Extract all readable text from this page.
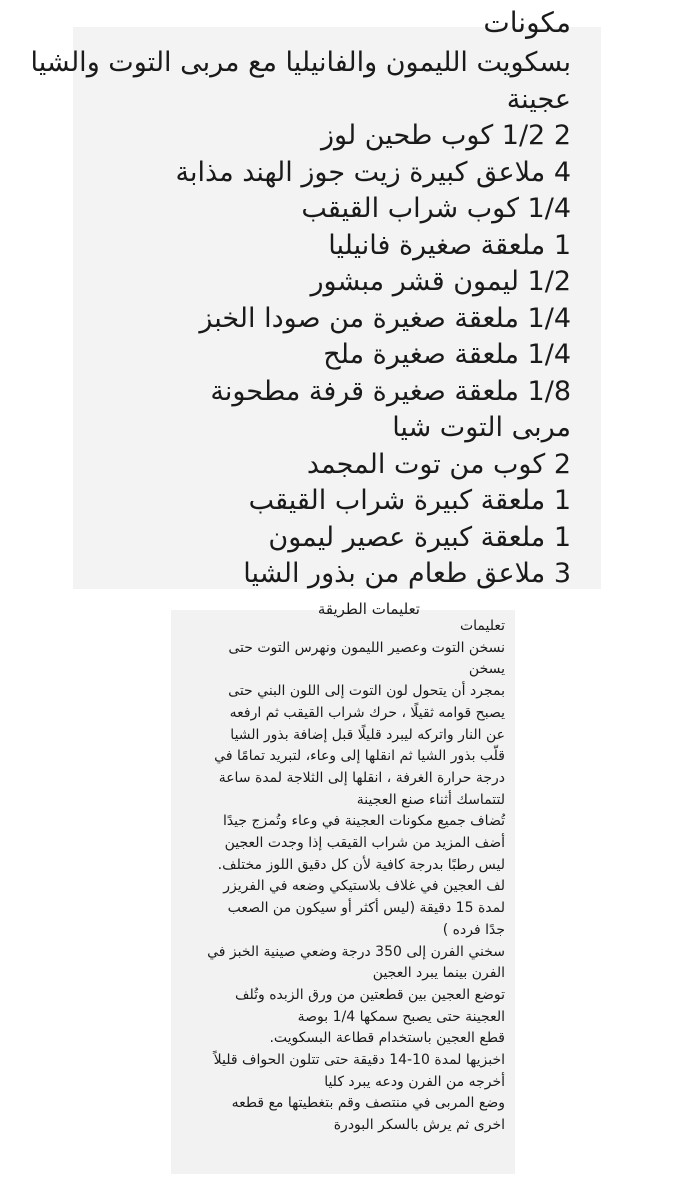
مكونات
بسكويت الليمون والفانيليا مع مربى التوت والشيا
عجينة
2 1/2 كوب طحين لوز
4 ملاعق كبيرة زيت جوز الهند مذابة
1/4 كوب شراب القيقب
1 ملعقة صغيرة فانيليا
1/2 ليمون قشر مبشور
1/4 ملعقة صغيرة من صودا الخبز
1/4 ملعقة صغيرة ملح
1/8 ملعقة صغيرة قرفة مطحونة
مربى التوت شيا
2 كوب من توت المجمد
1 ملعقة كبيرة شراب القيقب
1 ملعقة كبيرة عصير ليمون
3 ملاعق طعام من بذور الشيا
تعليمات الطريقة
تعليمات
نسخن التوت وعصير الليمون ونهرس التوت حتى
يسخن
بمجرد أن يتحول لون التوت إلى اللون البني حتى
يصبح قوامه ثقيلًا ، حرك شراب القيقب ثم ارفعه
عن النار واتركه ليبرد قليلًا قبل إضافة بذور الشيا
قلّب بذور الشيا ثم انقلها إلى وعاء، لتبريد تمامًا في
درجة حرارة الغرفة ، انقلها إلى الثلاجة لمدة ساعة
لتتماسك أثناء صنع العجينة
تُضاف جميع مكونات العجينة في وعاء وتُمزج جيدًا
أضف المزيد من شراب القيقب إذا وجدت العجين
ليس رطبًا بدرجة كافية لأن كل دقيق اللوز مختلف.
لف العجين في غلاف بلاستيكي وضعه في الفريزر
لمدة 15 دقيقة (ليس أكثر أو سيكون من الصعب
جدًا فرده )
سخني الفرن إلى 350 درجة وضعي صينية الخبز في
الفرن بينما يبرد العجين
توضع العجين بين قطعتين من ورق الزبده وتُلف
العجينة حتى يصبح سمكها 1/4 بوصة
قطع العجين باستخدام قطاعة البسكويت.
اخبزيها لمدة 10-14 دقيقة حتى تتلون الحواف قليلاً
أخرجه من الفرن ودعه يبرد كليا
وضع المربى في منتصف وقم بتغطيتها مع قطعه
اخرى ثم يرش بالسكر البودرة
